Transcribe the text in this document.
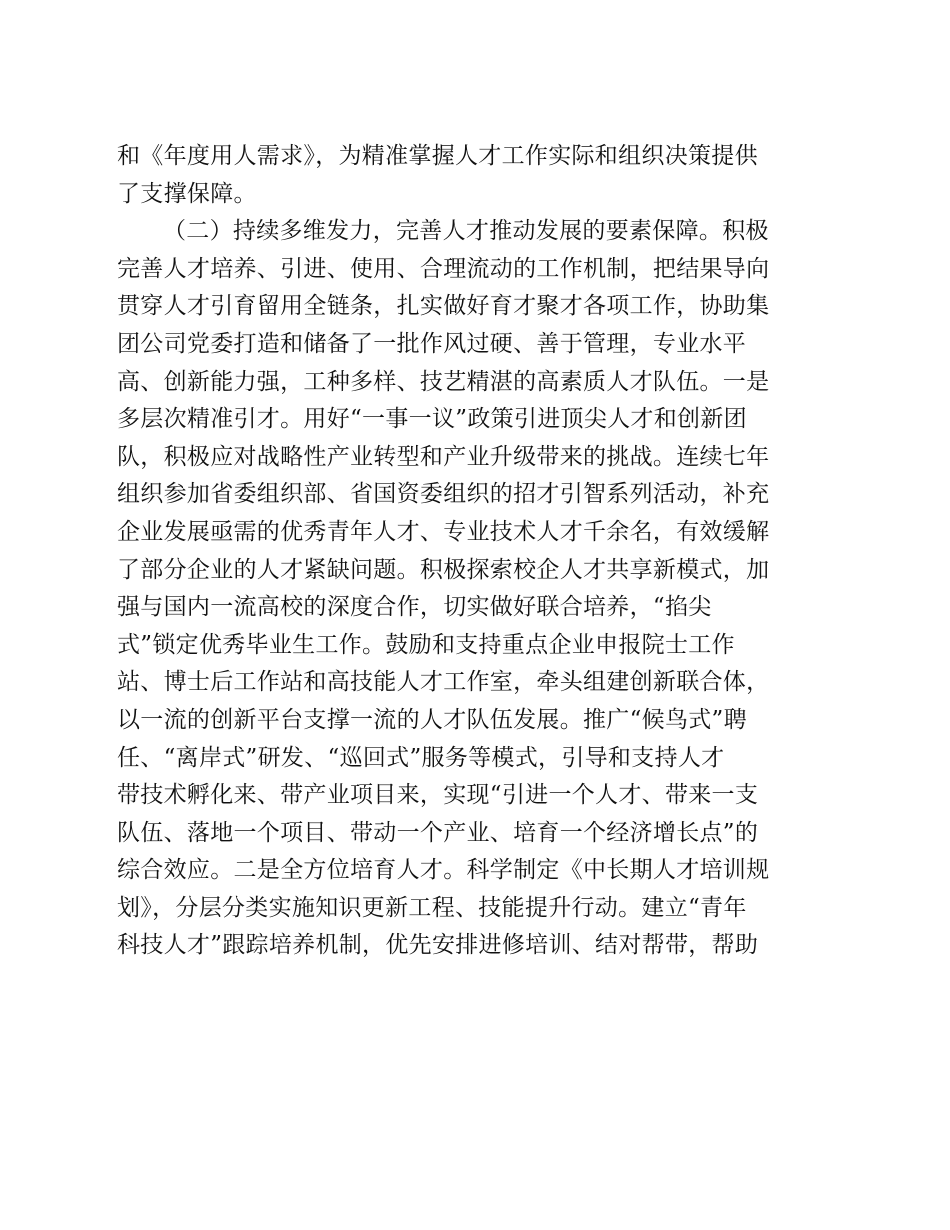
和《年度用人需求》，为精准掌握人才工作实际和组织决策提供
了支撑保障。
（二）持续多维发力，完善人才推动发展的要素保障。积极
完善人才培养、引进、使用、合理流动的工作机制，把结果导向
贯穿人才引育留用全链条，扎实做好育才聚才各项工作，协助集
团公司党委打造和储备了一批作风过硬、善于管理，专业水平
高、创新能力强，工种多样、技艺精湛的高素质人才队伍。一是
多层次精准引才。用好“一事一议”政策引进顶尖人才和创新团
队，积极应对战略性产业转型和产业升级带来的挑战。连续七年
组织参加省委组织部、省国资委组织的招才引智系列活动，补充
企业发展亟需的优秀青年人才、专业技术人才千余名，有效缓解
了部分企业的人才紧缺问题。积极探索校企人才共享新模式，加
强与国内一流高校的深度合作，切实做好联合培养，“掐尖
式”锁定优秀毕业生工作。鼓励和支持重点企业申报院士工作
站、博士后工作站和高技能人才工作室，牵头组建创新联合体，
以一流的创新平台支撑一流的人才队伍发展。推广“候鸟式”聘
任、“离岸式”研发、“巡回式”服务等模式，引导和支持人才
带技术孵化来、带产业项目来，实现“引进一个人才、带来一支
队伍、落地一个项目、带动一个产业、培育一个经济增长点”的
综合效应。二是全方位培育人才。科学制定《中长期人才培训规
划》，分层分类实施知识更新工程、技能提升行动。建立“青年
科技人才”跟踪培养机制，优先安排进修培训、结对帮带，帮助
